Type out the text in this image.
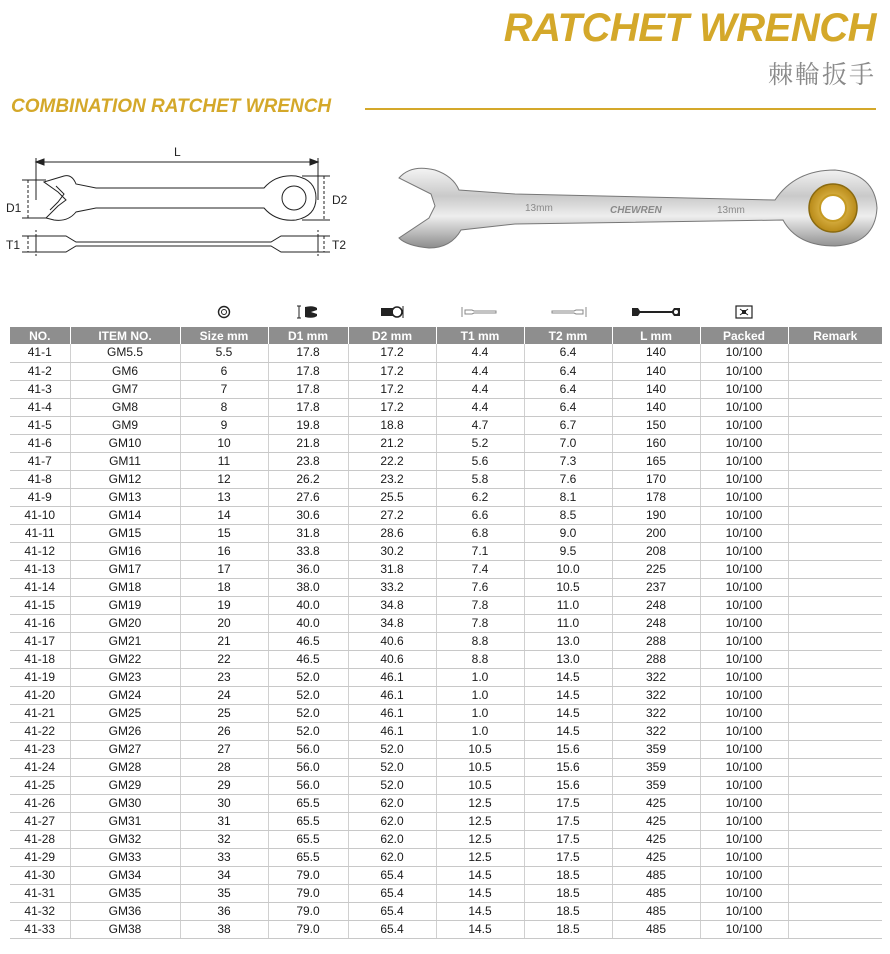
RATCHET WRENCH
棘輪扳手
COMBINATION RATCHET WRENCH
L
D1
D2
T1	T2
13mm	CHEWREN	13mm
NO.	ITEM NO.	Size mm	D1 mm	D2 mm	T1 mm	T2 mm	L mm	Packed	Remark
41-1	GM5.5	5.5	17.8	17.2	4.4	6.4	140	10/100	
41-2	GM6	6	17.8	17.2	4.4	6.4	140	10/100	
41-3	GM7	7	17.8	17.2	4.4	6.4	140	10/100	
41-4	GM8	8	17.8	17.2	4.4	6.4	140	10/100	
41-5	GM9	9	19.8	18.8	4.7	6.7	150	10/100	
41-6	GM10	10	21.8	21.2	5.2	7.0	160	10/100	
41-7	GM11	11	23.8	22.2	5.6	7.3	165	10/100	
41-8	GM12	12	26.2	23.2	5.8	7.6	170	10/100	
41-9	GM13	13	27.6	25.5	6.2	8.1	178	10/100	
41-10	GM14	14	30.6	27.2	6.6	8.5	190	10/100	
41-11	GM15	15	31.8	28.6	6.8	9.0	200	10/100	
41-12	GM16	16	33.8	30.2	7.1	9.5	208	10/100	
41-13	GM17	17	36.0	31.8	7.4	10.0	225	10/100	
41-14	GM18	18	38.0	33.2	7.6	10.5	237	10/100	
41-15	GM19	19	40.0	34.8	7.8	11.0	248	10/100	
41-16	GM20	20	40.0	34.8	7.8	11.0	248	10/100	
41-17	GM21	21	46.5	40.6	8.8	13.0	288	10/100	
41-18	GM22	22	46.5	40.6	8.8	13.0	288	10/100	
41-19	GM23	23	52.0	46.1	1.0	14.5	322	10/100	
41-20	GM24	24	52.0	46.1	1.0	14.5	322	10/100	
41-21	GM25	25	52.0	46.1	1.0	14.5	322	10/100	
41-22	GM26	26	52.0	46.1	1.0	14.5	322	10/100	
41-23	GM27	27	56.0	52.0	10.5	15.6	359	10/100	
41-24	GM28	28	56.0	52.0	10.5	15.6	359	10/100	
41-25	GM29	29	56.0	52.0	10.5	15.6	359	10/100	
41-26	GM30	30	65.5	62.0	12.5	17.5	425	10/100	
41-27	GM31	31	65.5	62.0	12.5	17.5	425	10/100	
41-28	GM32	32	65.5	62.0	12.5	17.5	425	10/100	
41-29	GM33	33	65.5	62.0	12.5	17.5	425	10/100	
41-30	GM34	34	79.0	65.4	14.5	18.5	485	10/100	
41-31	GM35	35	79.0	65.4	14.5	18.5	485	10/100	
41-32	GM36	36	79.0	65.4	14.5	18.5	485	10/100	
41-33	GM38	38	79.0	65.4	14.5	18.5	485	10/100	
